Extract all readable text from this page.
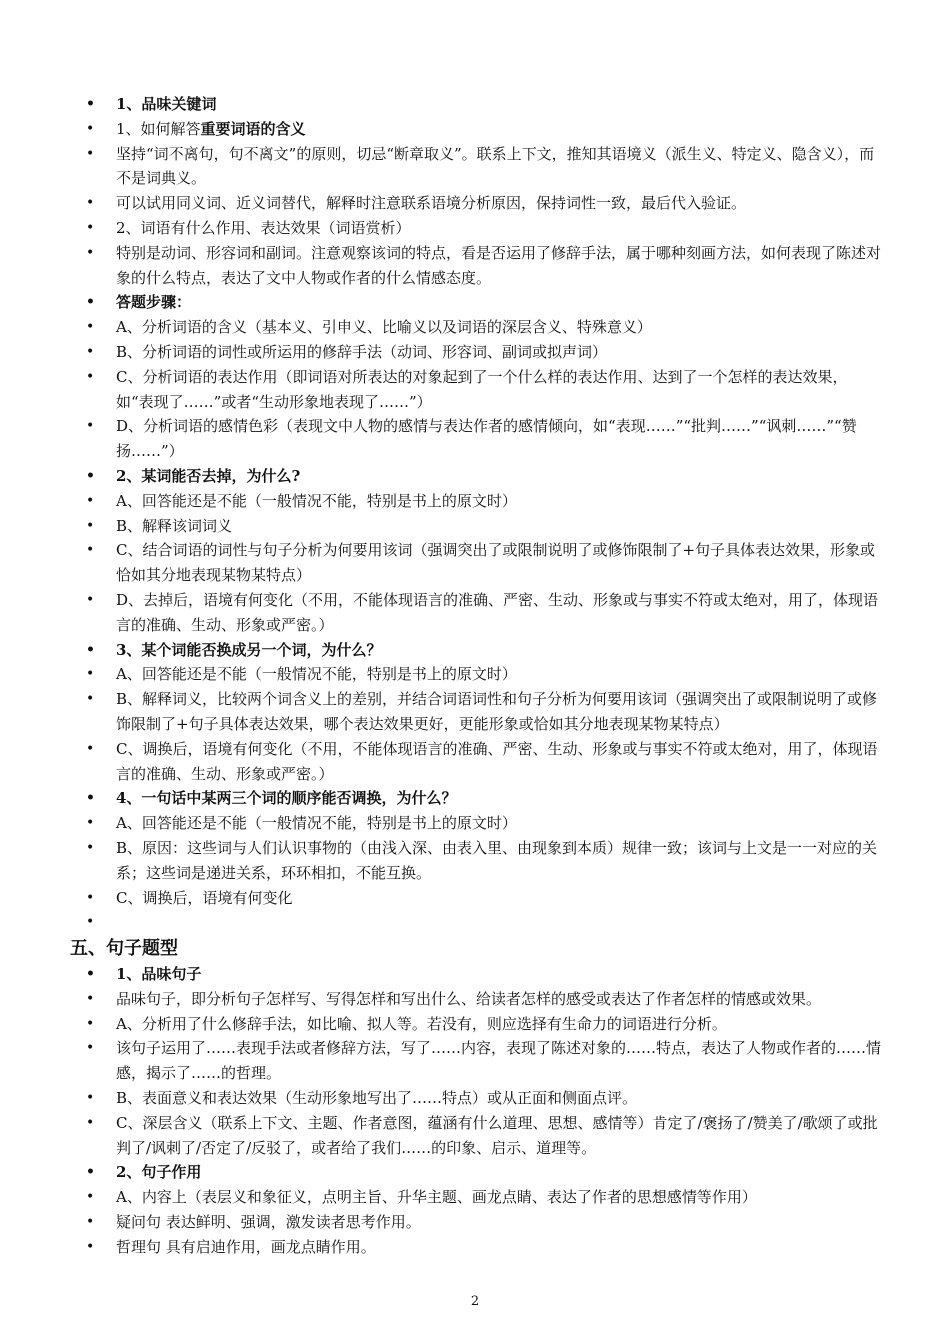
• 1、品味关键词
• 1、如何解答重要词语的含义
• 坚持“词不离句，句不离文”的原则，切忌“断章取义”。联系上下文，推知其语境义（派生义、特定义、隐含义），而不是词典义。
• 可以试用同义词、近义词替代，解释时注意联系语境分析原因，保持词性一致，最后代入验证。
• 2、词语有什么作用、表达效果（词语赏析）
• 特别是动词、形容词和副词。注意观察该词的特点，看是否运用了修辞手法，属于哪种刻画方法，如何表现了陈述对象的什么特点，表达了文中人物或作者的什么情感态度。
• 答题步骤：
• A、分析词语的含义（基本义、引申义、比喻义以及词语的深层含义、特殊意义）
• B、分析词语的词性或所运用的修辞手法（动词、形容词、副词或拟声词）
• C、分析词语的表达作用（即词语对所表达的对象起到了一个什么样的表达作用、达到了一个怎样的表达效果，如“表现了……”或者“生动形象地表现了……”）
• D、分析词语的感情色彩（表现文中人物的感情与表达作者的感情倾向，如“表现……”“批判……”“讽刺……”“赞扬……”）
• 2、某词能否去掉，为什么?
• A、回答能还是不能（一般情况不能，特别是书上的原文时）
• B、解释该词词义
• C、结合词语的词性与句子分析为何要用该词（强调突出了或限制说明了或修饰限制了+句子具体表达效果，形象或恰如其分地表现某物某特点）
• D、去掉后，语境有何变化（不用，不能体现语言的准确、严密、生动、形象或与事实不符或太绝对，用了，体现语言的准确、生动、形象或严密。）
• 3、某个词能否换成另一个词，为什么？
• A、回答能还是不能（一般情况不能，特别是书上的原文时）
• B、解释词义，比较两个词含义上的差别，并结合词语词性和句子分析为何要用该词（强调突出了或限制说明了或修饰限制了+句子具体表达效果，哪个表达效果更好，更能形象或恰如其分地表现某物某特点）
• C、调换后，语境有何变化（不用，不能体现语言的准确、严密、生动、形象或与事实不符或太绝对，用了，体现语言的准确、生动、形象或严密。）
• 4、一句话中某两三个词的顺序能否调换，为什么？
• A、回答能还是不能（一般情况不能，特别是书上的原文时）
• B、原因：这些词与人们认识事物的（由浅入深、由表入里、由现象到本质）规律一致；该词与上文是一一对应的关系；这些词是递进关系，环环相扣，不能互换。
• C、调换后，语境有何变化
•
五、句子题型
• 1、品味句子
• 品味句子，即分析句子怎样写、写得怎样和写出什么、给读者怎样的感受或表达了作者怎样的情感或效果。
• A、分析用了什么修辞手法，如比喻、拟人等。若没有，则应选择有生命力的词语进行分析。
• 该句子运用了……表现手法或者修辞方法，写了……内容，表现了陈述对象的……特点，表达了人物或作者的……情感，揭示了……的哲理。
• B、表面意义和表达效果（生动形象地写出了……特点）或从正面和侧面点评。
• C、深层含义（联系上下文、主题、作者意图，蕴涵有什么道理、思想、感情等）肯定了/褒扬了/赞美了/歌颂了或批判了/讽刺了/否定了/反驳了，或者给了我们……的印象、启示、道理等。
• 2、句子作用
• A、内容上（表层义和象征义，点明主旨、升华主题、画龙点睛、表达了作者的思想感情等作用）
• 疑问句 表达鲜明、强调，激发读者思考作用。
• 哲理句 具有启迪作用，画龙点睛作用。
2
